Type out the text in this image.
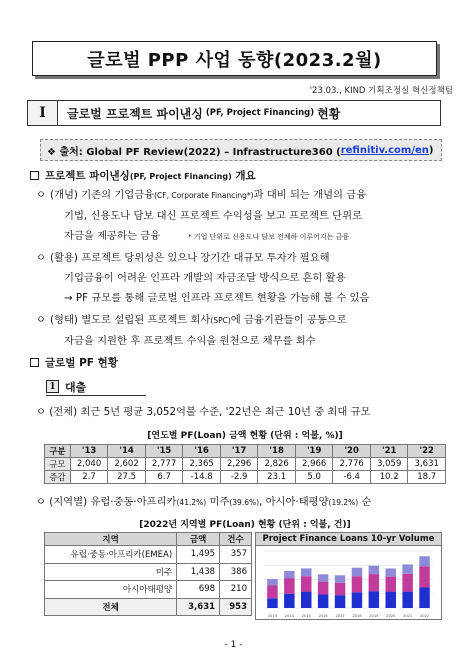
글로벌 PPP 사업 동향(2023.2월)
'23.03., KIND 기획조정실 혁신정책팀
Ⅰ	글로벌 프로젝트 파이낸싱 (PF, Project Financing) 현황
❖ 출처: Global PF Review(2022) – Infrastructure360 ( refinitiv.com/en )
프로젝트 파이낸싱(PF, Project Financing) 개요
ㅇ (개념) 기존의 기업금융(CF, Corporate Financing*)과 대비 되는 개념의 금융
기법, 신용도나 담보 대신 프로젝트 수익성을 보고 프로젝트 단위로
자금을 제공하는 금융	* 기업 단위로 신용도나 담보 전체하 이루어지는 금융
ㅇ (활용) 프로젝트 당위성은 있으나 장기간 대규모 투자가 필요해
기업금융이 어려운 인프라 개발의 자금조달 방식으로 흔히 활용
→ PF 규모를 통해 글로벌 인프라 프로젝트 현황을 가늠해 볼 수 있음
ㅇ (형태) 별도로 설립된 프로젝트 회사(SPC)에 금융기관들이 공동으로
자금을 지원한 후 프로젝트 수익을 원천으로 채무를 회수
글로벌 PF 현황
1 대출
ㅇ (전체) 최근 5년 평균 3,052억불 수준, '22년은 최근 10년 중 최대 규모
[연도별 PF(Loan) 금액 현황 (단위 : 억불, %)]
구분	'13	'14	'15	'16	'17	'18	'19	'20	'21	'22
규모	2,040	2,602	2,777	2,365	2,296	2,826	2,966	2,776	3,059	3,631
증감	2.7	27.5	6.7	-14.8	-2.9	23.1	5.0	-6.4	10.2	18.7
ㅇ (지역별) 유럽·중동·아프리카(41.2%) 미주(39.6%), 아시아·태평양(19.2%) 순
[2022년 지역별 PF(Loan) 현황 (단위 : 억불, 건)]
지역	금액	건수
유럽·중동·아프리카(EMEA)	1,495	357
미주	1,438	386
아시아태평양	698	210
전체	3,631	953
Project Finance Loans 10-yr Volume
2013 2014 2015 2016 2017 2018 2019 2020 2021 2022
- 1 -
